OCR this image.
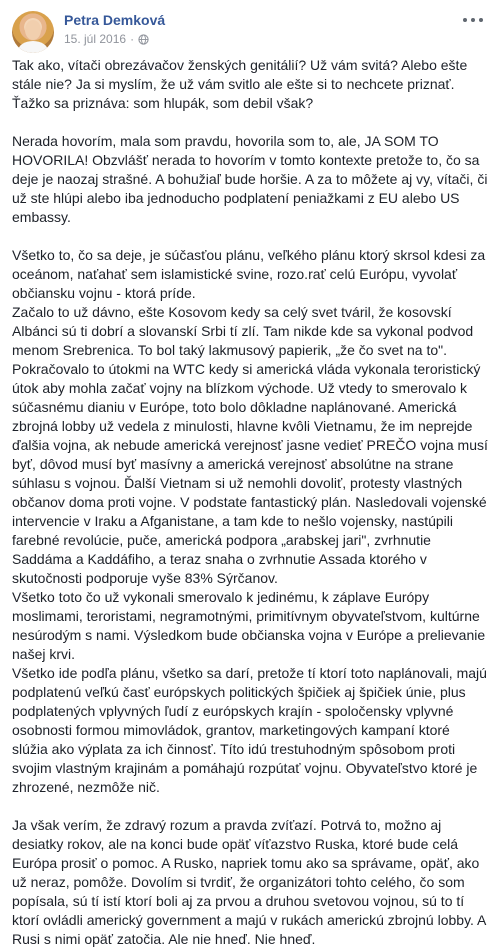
Petra Demková
15. júl 2016 ·

Tak ako, vítači obrezávačov ženských genitálií? Už vám svitá? Alebo ešte stále nie? Ja si myslím, že už vám svitlo ale ešte si to nechcete priznať. Ťažko sa priznáva: som hlupák, som debil však?

Nerada hovorím, mala som pravdu, hovorila som to, ale, JA SOM TO HOVORILA! Obzvlášť nerada to hovorím v tomto kontexte pretože to, čo sa deje je naozaj strašné. A bohužiaľ bude horšie. A za to môžete aj vy, vítači, či už ste hlúpi alebo iba jednoducho podplatení peniažkami z EU alebo US embassy.

Všetko to, čo sa deje, je súčasťou plánu, veľkého plánu ktorý skrsol kdesi za oceánom, naťahať sem islamistické svine, rozo.rať celú Európu, vyvolať občiansku vojnu - ktorá príde.
Začalo to už dávno, ešte Kosovom kedy sa celý svet tváril, že kosovskí Albánci sú ti dobrí a slovanskí Srbi tí zlí. Tam nikde kde sa vykonal podvod menom Srebrenica. To bol taký lakmusový papierik, „že čo svet na to".
Pokračovalo to útokmi na WTC kedy si americká vláda vykonala teroristický útok aby mohla začať vojny na blízkom východe. Už vtedy to smerovalo k súčasnému dianiu v Európe, toto bolo dôkladne naplánované. Americká zbrojná lobby už vedela z minulosti, hlavne kvôli Vietnamu, že im neprejde ďalšia vojna, ak nebude americká verejnosť jasne vedieť PREČO vojna musí byť, dôvod musí byť masívny a americká verejnosť absolútne na strane súhlasu s vojnou. Ďalší Vietnam si už nemohli dovoliť, protesty vlastných občanov doma proti vojne. V podstate fantastický plán. Nasledovali vojenské intervencie v Iraku a Afganistane, a tam kde to nešlo vojensky, nastúpili farebné revolúcie, puče, americká podpora „arabskej jari", zvrhnutie Saddáma a Kaddáfiho, a teraz snaha o zvrhnutie Assada ktorého v skutočnosti podporuje vyše 83% Sýrčanov.
Všetko toto čo už vykonali smerovalo k jedinému, k záplave Európy moslimami, teroristami, negramotnými, primitívnym obyvateľstvom, kultúrne nesúrodým s nami. Výsledkom bude občianska vojna v Európe a prelievanie našej krvi.
Všetko ide podľa plánu, všetko sa darí, pretože tí ktorí toto naplánovali, majú podplatenú veľkú časť európskych politických špičiek aj špičiek únie, plus podplatených vplyvných ľudí z európskych krajín - spoločensky vplyvné osobnosti formou mimovládok, grantov, marketingových kampaní ktoré slúžia ako výplata za ich činnosť. Títo idú trestuhodným spôsobom proti svojim vlastným krajinám a pomáhajú rozpútať vojnu. Obyvateľstvo ktoré je zhrozené, nezmôže nič.

Ja však verím, že zdravý rozum a pravda zvíťazí. Potrvá to, možno aj desiatky rokov, ale na konci bude opäť víťazstvo Ruska, ktoré bude celá Európa prosiť o pomoc. A Rusko, napriek tomu ako sa správame, opäť, ako už neraz, pomôže. Dovolím si tvrdiť, že organizátori tohto celého, čo som popísala, sú tí istí ktorí boli aj za prvou a druhou svetovou vojnou, sú to tí ktorí ovládli americký government a majú v rukách americkú zbrojnú lobby. A Rusi s nimi opäť zatočia. Ale nie hneď. Nie hneď.
